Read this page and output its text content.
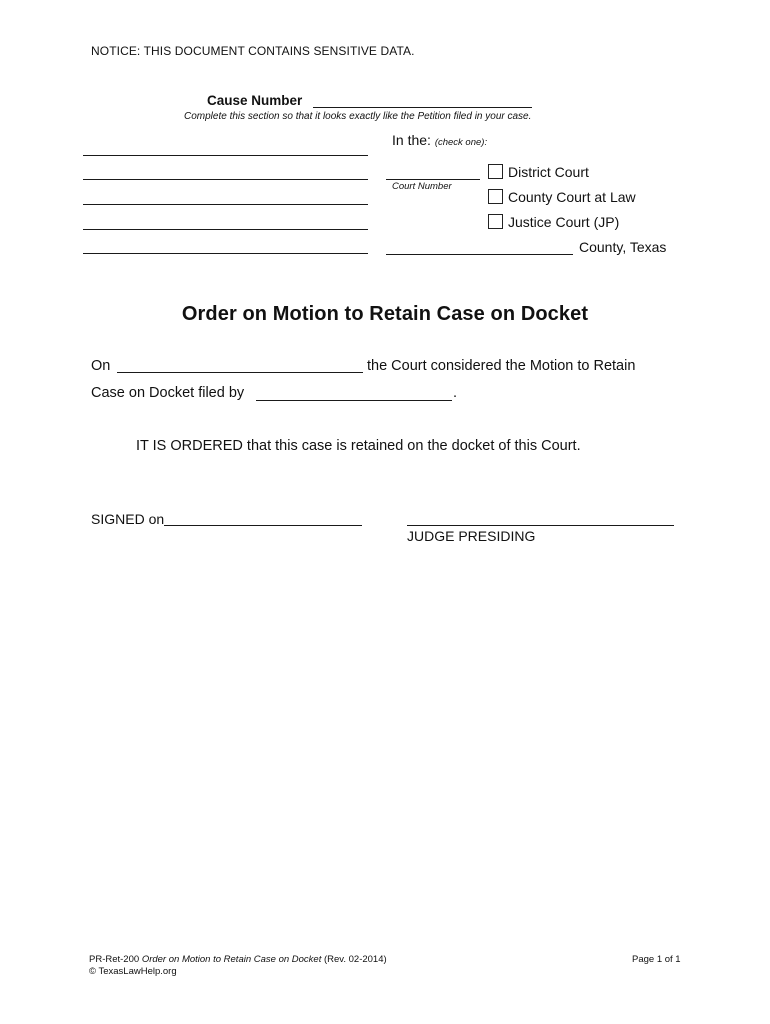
NOTICE: THIS DOCUMENT CONTAINS SENSITIVE DATA.
Cause Number
Complete this section so that it looks exactly like the Petition filed in your case.
In the: (check one):
Court Number
District Court
County Court at Law
Justice Court (JP)
County, Texas
Order on Motion to Retain Case on Docket
On	the Court considered the Motion to Retain
Case on Docket filed by	.
IT IS ORDERED that this case is retained on the docket of this Court.
SIGNED on
JUDGE PRESIDING
PR-Ret-200 Order on Motion to Retain Case on Docket (Rev. 02-2014)
© TexasLawHelp.org
Page 1 of 1
